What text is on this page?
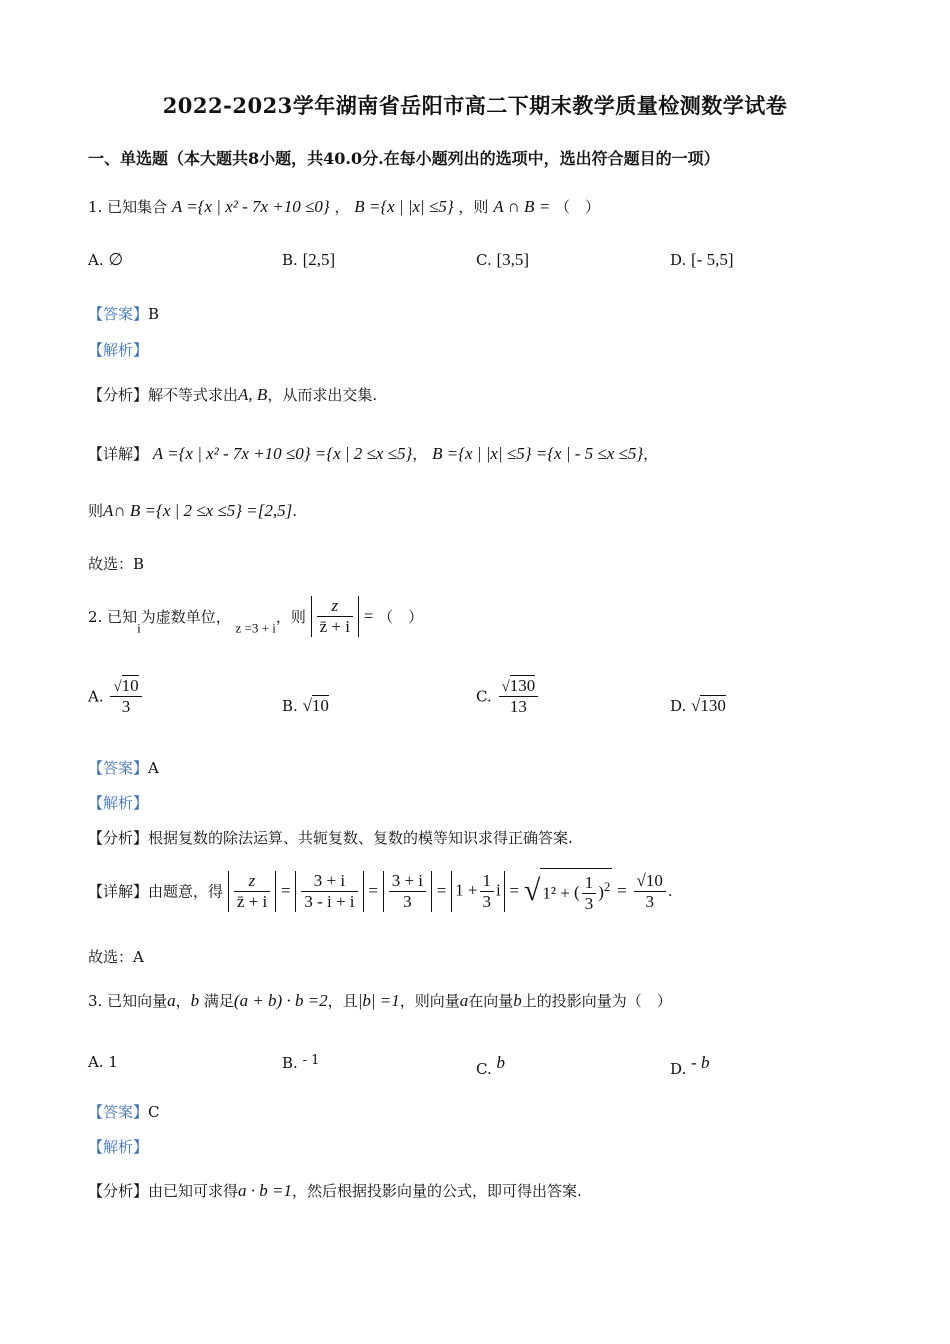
2022-2023学年湖南省岳阳市高二下期末教学质量检测数学试卷
一、单选题（本大题共8小题，共40.0分.在每小题列出的选项中，选出符合题目的一项）
1. 已知集合 A ={x | x² - 7x +10 ≤0} ， B ={x | |x| ≤5} ，则 A ∩ B = （　）
A. ∅	B. [2,5]	C. [3,5]	D. [- 5,5]
【答案】B
【解析】
【分析】解不等式求出A, B，从而求出交集.
【详解】 A ={x | x² - 7x +10 ≤0} ={x | 2 ≤x ≤5}， B ={x | |x| ≤5} ={x | - 5 ≤x ≤5}，
则A∩ B ={x | 2 ≤x ≤5} =[2,5].
故选：B
2. 已知i为虚数单位， z =3 + i，则 $\frac{z}{z̄ + i}$ = （　）
A. $\frac{√10}{3}$	B. √10	C. $\frac{√130}{13}$	D. √130
【答案】A
【解析】
【分析】根据复数的除法运算、共轭复数、复数的模等知识求得正确答案.
【详解】由题意，得 $\frac{z}{z̄ + i} = \frac{3 + i}{3 - i + i} = \frac{3 + i}{3} = 1 + \frac{1}{3}$ i = √ 1² + ( $\frac{1}{3} )^2 = \frac{√10}{3}$ .
故选：A
3. 已知向量a，b 满足(a + b) · b =2，且|b| =1，则向量a在向量b上的投影向量为（　）
A. 1	B. - 1	C. b	D. - b
【答案】C
【解析】
【分析】由已知可求得a · b =1，然后根据投影向量的公式，即可得出答案.
